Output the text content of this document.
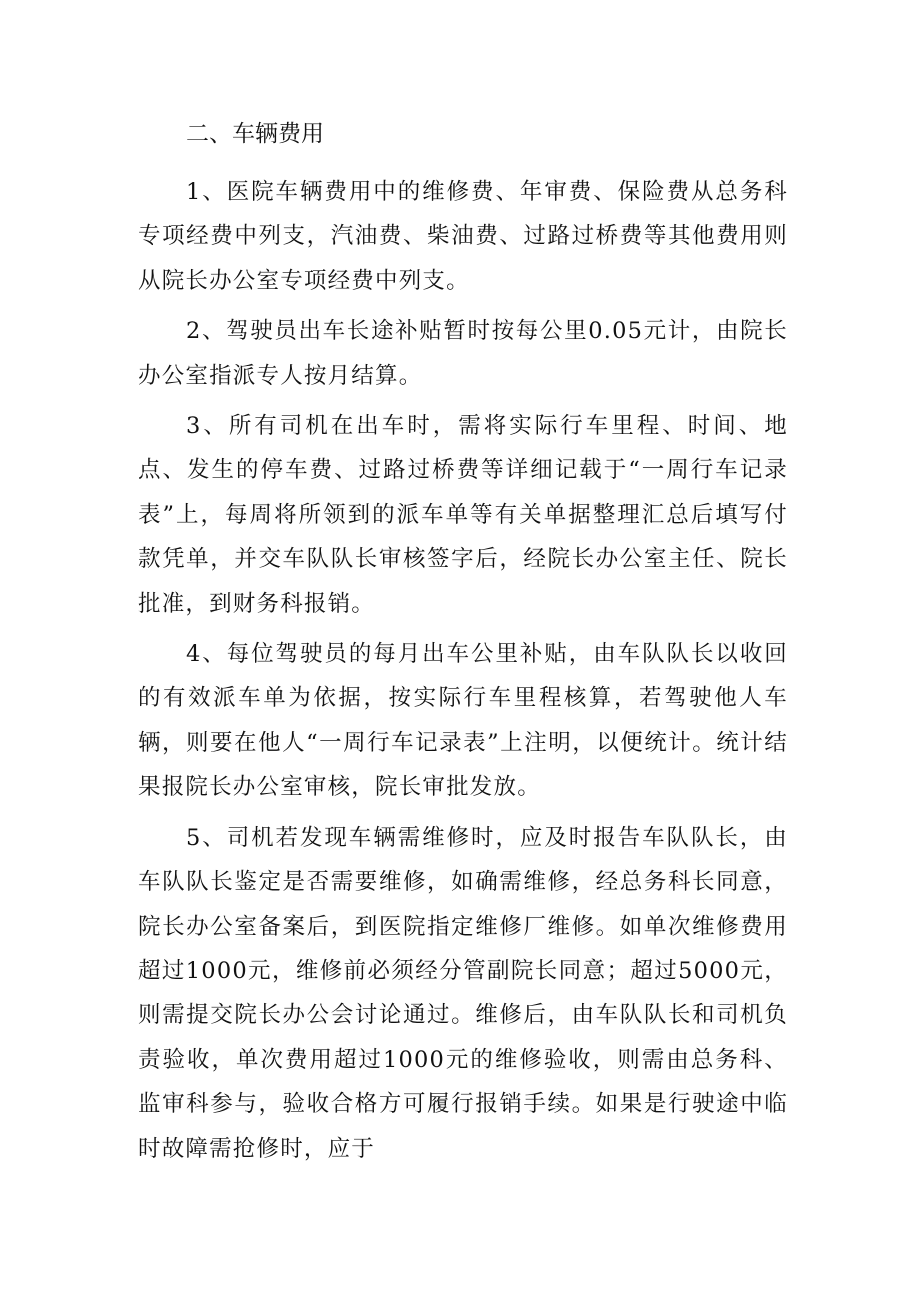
二、车辆费用

1、医院车辆费用中的维修费、年审费、保险费从总务科专项经费中列支，汽油费、柴油费、过路过桥费等其他费用则从院长办公室专项经费中列支。

2、驾驶员出车长途补贴暂时按每公里0.05元计，由院长办公室指派专人按月结算。

3、所有司机在出车时，需将实际行车里程、时间、地点、发生的停车费、过路过桥费等详细记载于“一周行车记录表”上，每周将所领到的派车单等有关单据整理汇总后填写付款凭单，并交车队队长审核签字后，经院长办公室主任、院长批准，到财务科报销。

4、每位驾驶员的每月出车公里补贴，由车队队长以收回的有效派车单为依据，按实际行车里程核算，若驾驶他人车辆，则要在他人“一周行车记录表”上注明，以便统计。统计结果报院长办公室审核，院长审批发放。

5、司机若发现车辆需维修时，应及时报告车队队长，由车队队长鉴定是否需要维修，如确需维修，经总务科长同意，院长办公室备案后，到医院指定维修厂维修。如单次维修费用超过1000元，维修前必须经分管副院长同意；超过5000元，则需提交院长办公会讨论通过。维修后，由车队队长和司机负责验收，单次费用超过1000元的维修验收，则需由总务科、监审科参与，验收合格方可履行报销手续。如果是行驶途中临时故障需抢修时，应于
